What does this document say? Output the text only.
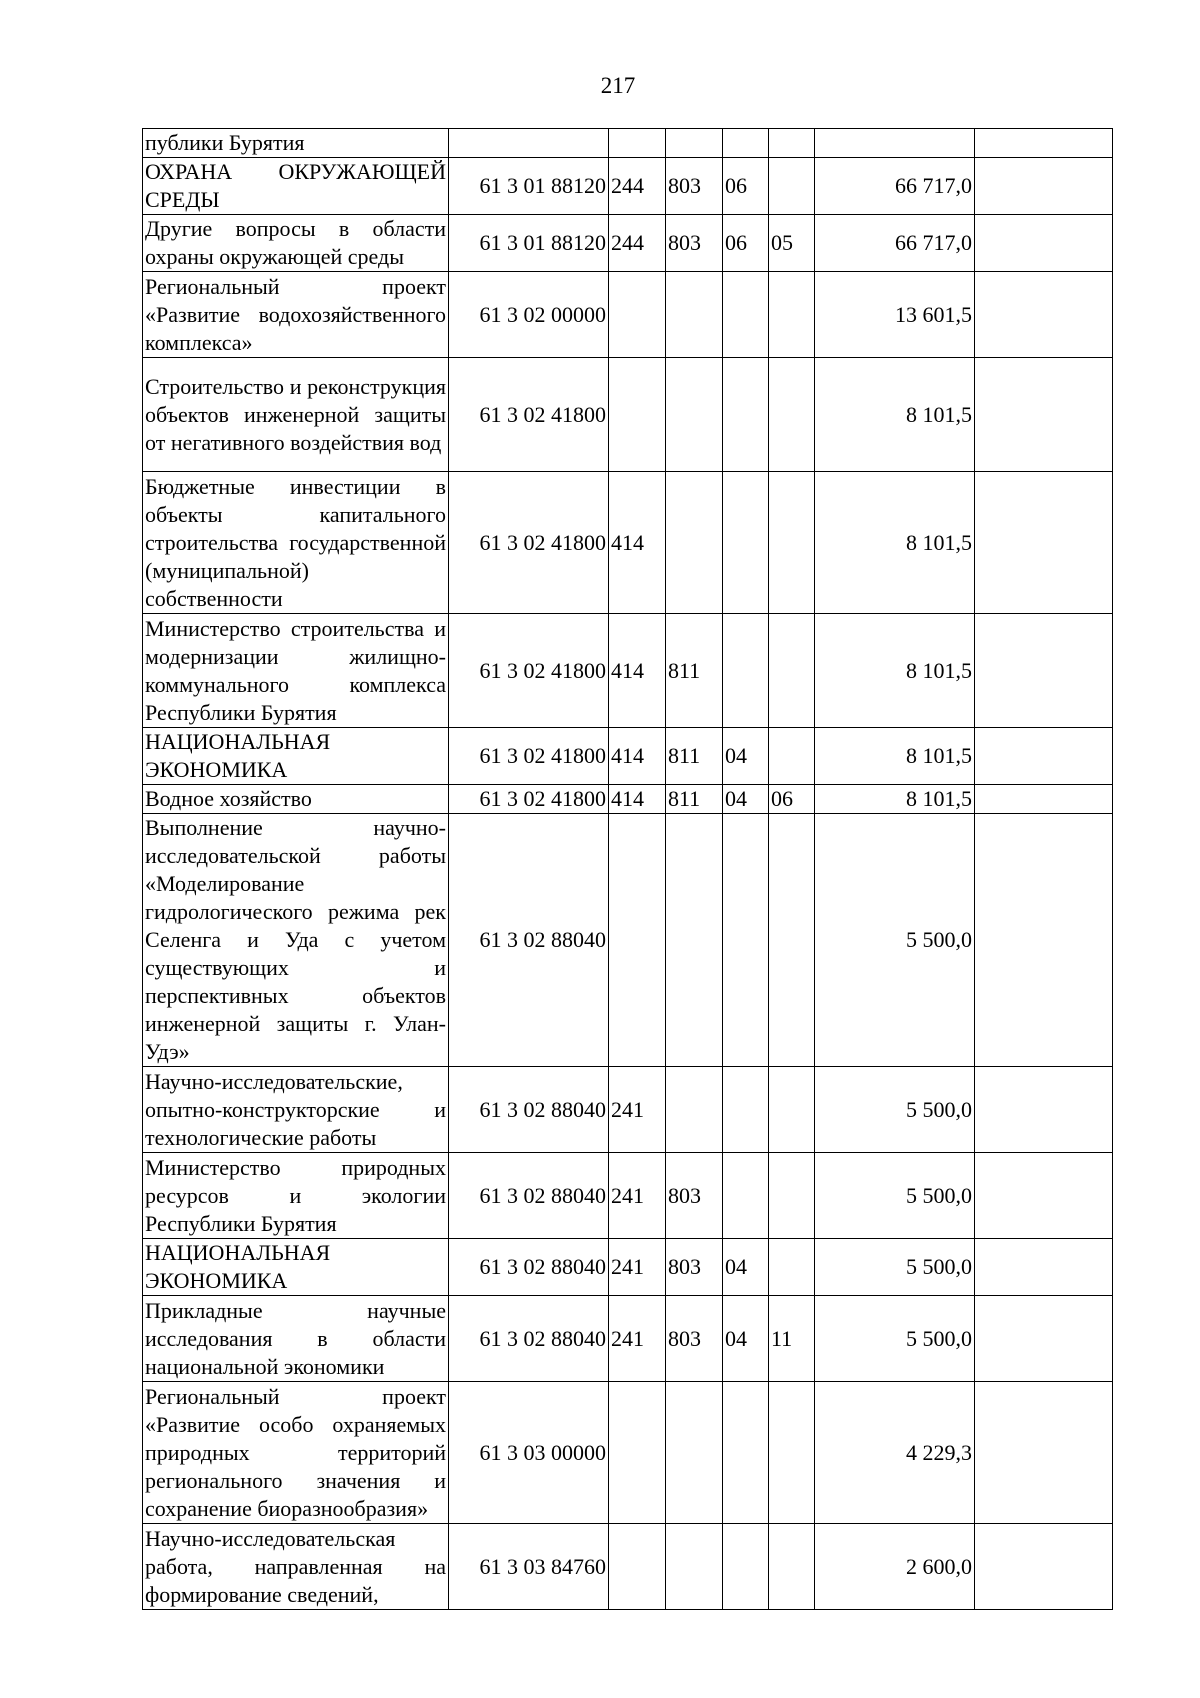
217
публики Бурятия							
ОХРАНА ОКРУЖАЮЩЕЙ СРЕДЫ	61 3 01 88120	244	803	06		66 717,0	
Другие вопросы в области охраны окружающей среды	61 3 01 88120	244	803	06	05	66 717,0	
Региональный проект «Развитие водохозяйственного комплекса»	61 3 02 00000					13 601,5	
Строительство и реконструкция объектов инженерной защиты от негативного воздействия вод	61 3 02 41800					8 101,5	
Бюджетные инвестиции в объекты капитального строительства государственной (муниципальной) собственности	61 3 02 41800	414				8 101,5	
Министерство строительства и модернизации жилищно-коммунального комплекса Республики Бурятия	61 3 02 41800	414	811			8 101,5	
НАЦИОНАЛЬНАЯ ЭКОНОМИКА	61 3 02 41800	414	811	04		8 101,5	
Водное хозяйство	61 3 02 41800	414	811	04	06	8 101,5	
Выполнение научно-исследовательской работы «Моделирование гидрологического режима рек Селенга и Уда с учетом существующих и перспективных объектов инженерной защиты г. Улан-Удэ»	61 3 02 88040					5 500,0	
Научно-исследовательские, опытно-конструкторские и технологические работы	61 3 02 88040	241				5 500,0	
Министерство природных ресурсов и экологии Республики Бурятия	61 3 02 88040	241	803			5 500,0	
НАЦИОНАЛЬНАЯ ЭКОНОМИКА	61 3 02 88040	241	803	04		5 500,0	
Прикладные научные исследования в области национальной экономики	61 3 02 88040	241	803	04	11	5 500,0	
Региональный проект «Развитие особо охраняемых природных территорий регионального значения и сохранение биоразнообразия»	61 3 03 00000					4 229,3	
Научно-исследовательская работа, направленная на формирование сведений,	61 3 03 84760					2 600,0	
